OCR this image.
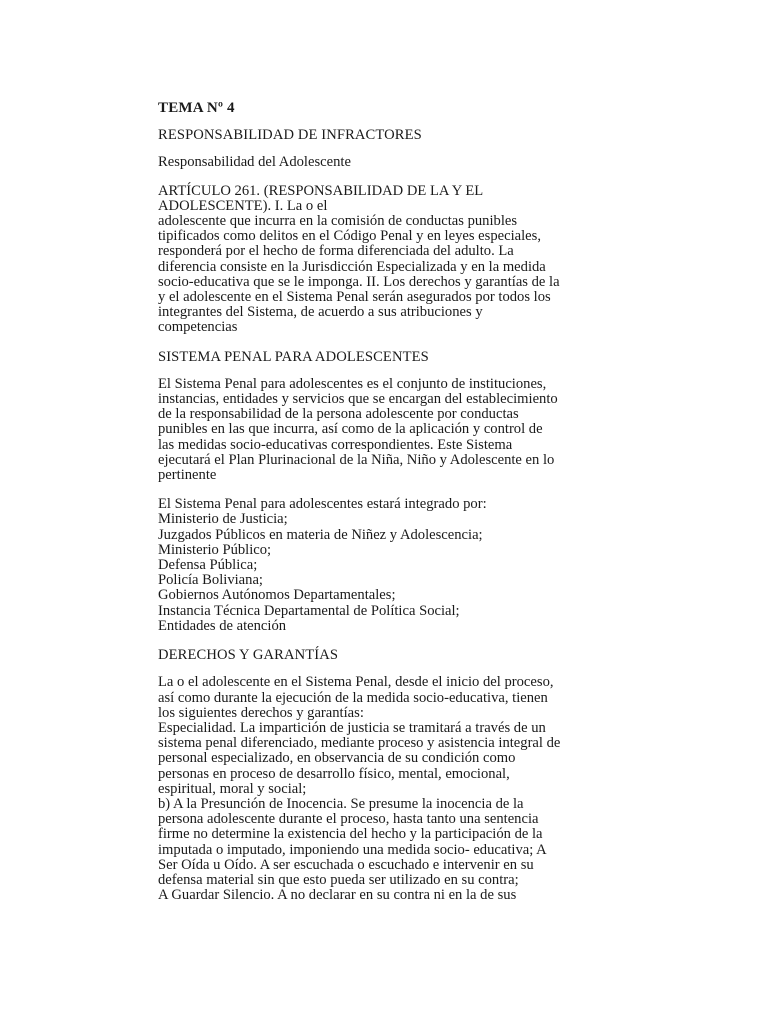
TEMA Nº 4
RESPONSABILIDAD DE INFRACTORES
Responsabilidad del Adolescente
ARTÍCULO 261. (RESPONSABILIDAD DE LA Y EL
ADOLESCENTE). I. La o el
adolescente que incurra en la comisión de conductas punibles
tipificados como delitos en el Código Penal y en leyes especiales,
responderá por el hecho de forma diferenciada del adulto. La
diferencia consiste en la Jurisdicción Especializada y en la medida
socio-educativa que se le imponga. II. Los derechos y garantías de la
y el adolescente en el Sistema Penal serán asegurados por todos los
integrantes del Sistema, de acuerdo a sus atribuciones y
competencias
SISTEMA PENAL PARA ADOLESCENTES
El Sistema Penal para adolescentes es el conjunto de instituciones,
instancias, entidades y servicios que se encargan del establecimiento
de la responsabilidad de la persona adolescente por conductas
punibles en las que incurra, así como de la aplicación y control de
las medidas socio-educativas correspondientes. Este Sistema
ejecutará el Plan Plurinacional de la Niña, Niño y Adolescente en lo
pertinente
El Sistema Penal para adolescentes estará integrado por:
Ministerio de Justicia;
Juzgados Públicos en materia de Niñez y Adolescencia;
Ministerio Público;
Defensa Pública;
Policía Boliviana;
Gobiernos Autónomos Departamentales;
Instancia Técnica Departamental de Política Social;
Entidades de atención
DERECHOS Y GARANTÍAS
La o el adolescente en el Sistema Penal, desde el inicio del proceso,
así como durante la ejecución de la medida socio-educativa, tienen
los siguientes derechos y garantías:
Especialidad. La impartición de justicia se tramitará a través de un
sistema penal diferenciado, mediante proceso y asistencia integral de
personal especializado, en observancia de su condición como
personas en proceso de desarrollo físico, mental, emocional,
espiritual, moral y social;
b) A la Presunción de Inocencia. Se presume la inocencia de la
persona adolescente durante el proceso, hasta tanto una sentencia
firme no determine la existencia del hecho y la participación de la
imputada o imputado, imponiendo una medida socio- educativa; A
Ser Oída u Oído. A ser escuchada o escuchado e intervenir en su
defensa material sin que esto pueda ser utilizado en su contra;
A Guardar Silencio. A no declarar en su contra ni en la de sus
